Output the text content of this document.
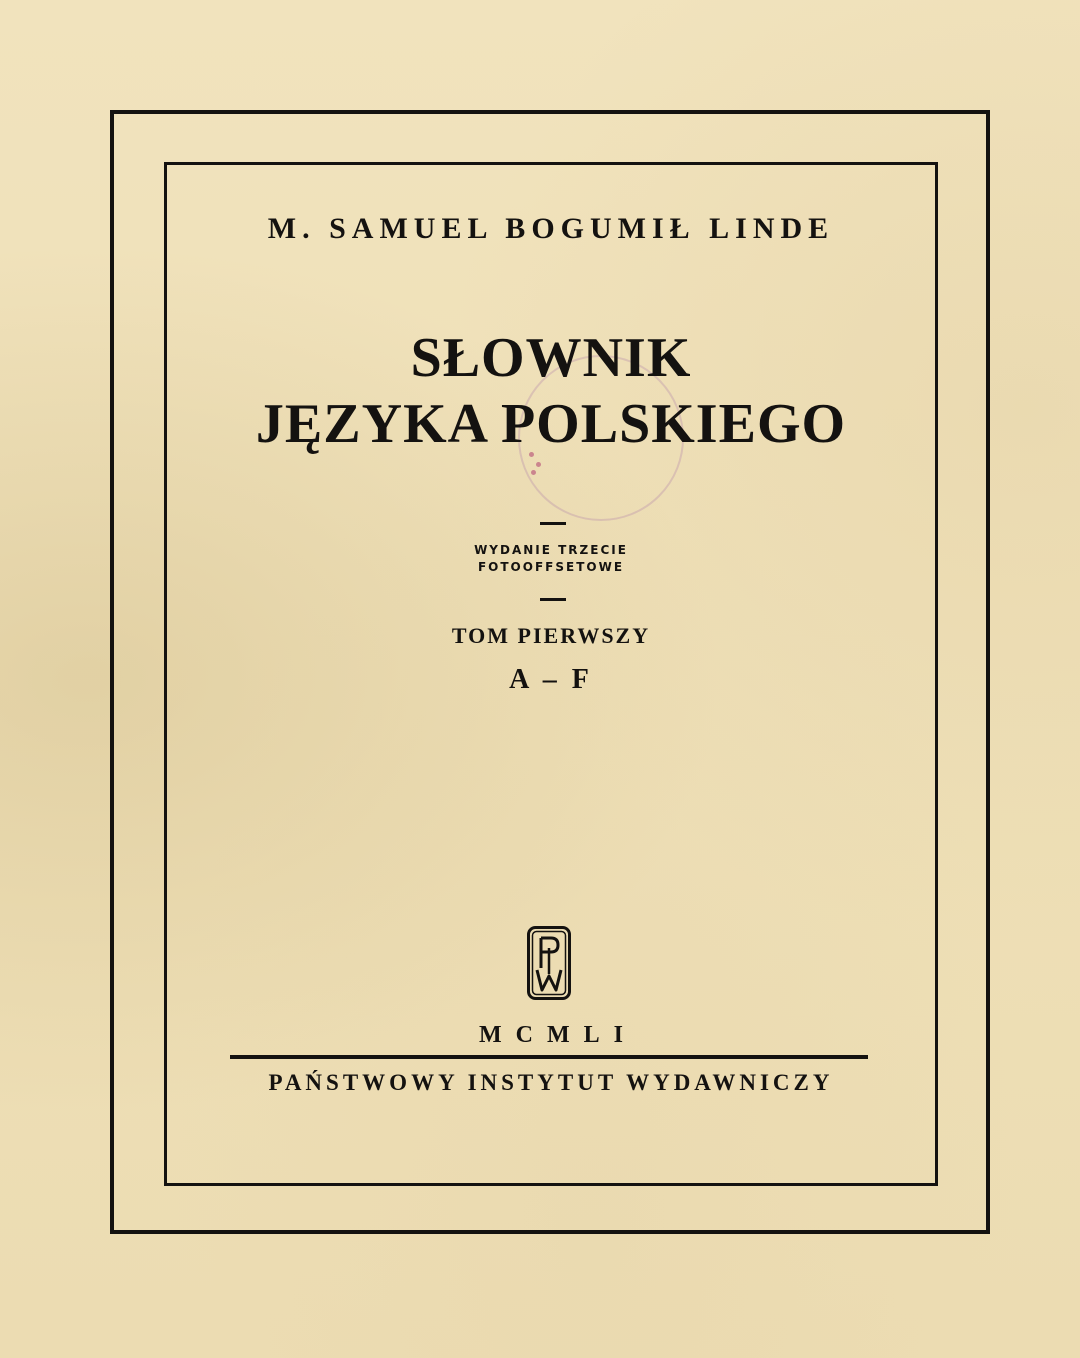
M. SAMUEL BOGUMIŁ LINDE
SŁOWNIK
JĘZYKA POLSKIEGO
WYDANIE TRZECIE
FOTOOFFSETOWE
TOM PIERWSZY
A – F
MCMLI
PAŃSTWOWY INSTYTUT WYDAWNICZY
